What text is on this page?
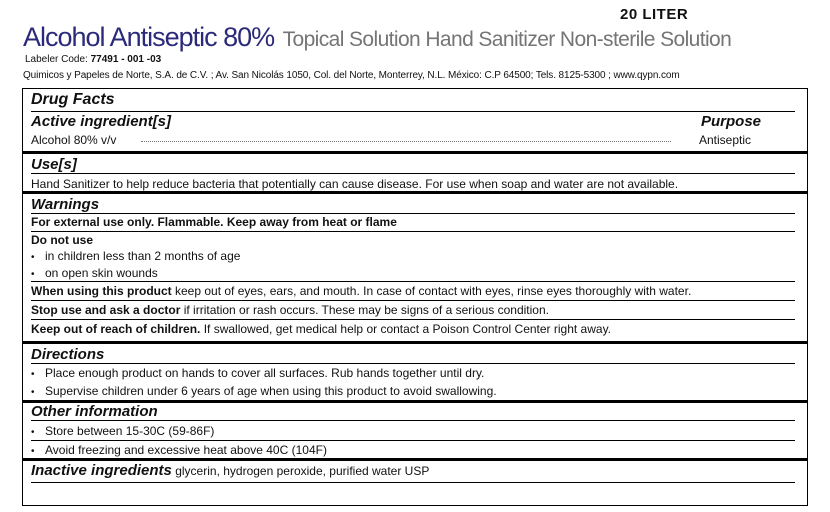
20 LITER
Alcohol Antiseptic 80% Topical Solution Hand Sanitizer Non-sterile Solution
Labeler Code: 77491 - 001 -03
Quimicos y Papeles de Norte, S.A. de C.V. ; Av. San Nicolás 1050, Col. del Norte, Monterrey, N.L. México: C.P 64500; Tels. 8125-5300 ; www.qypn.com
Drug Facts
Active ingredient[s]	Purpose
Alcohol 80% v/v	Antiseptic
Use[s]
Hand Sanitizer to help reduce bacteria that potentially can cause disease. For use when soap and water are not available.
Warnings
For external use only. Flammable. Keep away from heat or flame
Do not use
• in children less than 2 months of age
• on open skin wounds
When using this product keep out of eyes, ears, and mouth. In case of contact with eyes, rinse eyes thoroughly with water.
Stop use and ask a doctor if irritation or rash occurs. These may be signs of a serious condition.
Keep out of reach of children. If swallowed, get medical help or contact a Poison Control Center right away.
Directions
• Place enough product on hands to cover all surfaces. Rub hands together until dry.
• Supervise children under 6 years of age when using this product to avoid swallowing.
Other information
• Store between 15-30C (59-86F)
• Avoid freezing and excessive heat above 40C (104F)
Inactive ingredients glycerin, hydrogen peroxide, purified water USP
